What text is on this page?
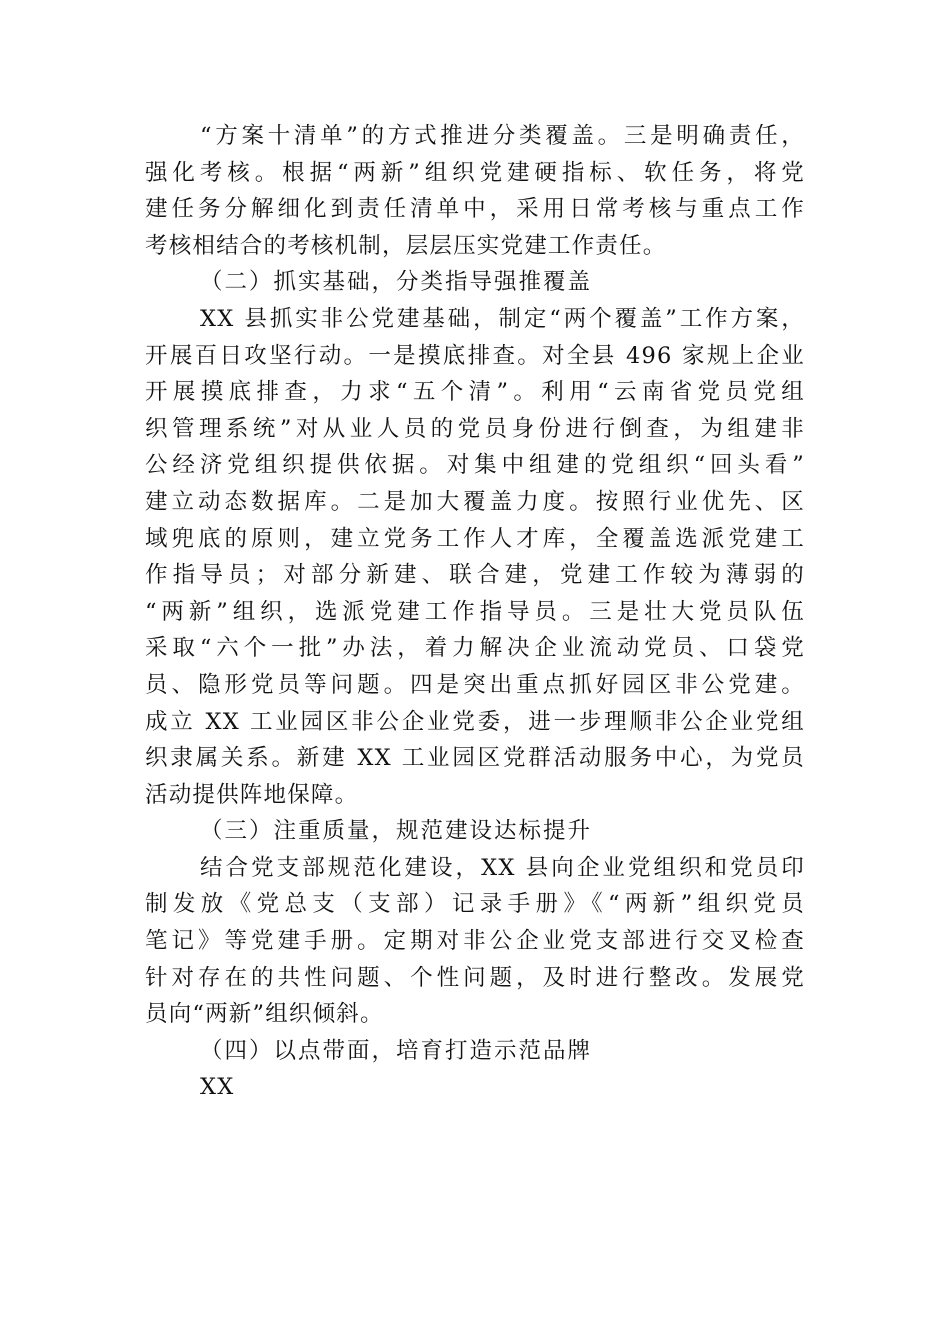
“方案十清单”的方式推进分类覆盖。三是明确责任，
强化考核。根据“两新”组织党建硬指标、软任务，将党
建任务分解细化到责任清单中，采用日常考核与重点工作
考核相结合的考核机制，层层压实党建工作责任。
（二）抓实基础，分类指导强推覆盖
XX 县抓实非公党建基础，制定“两个覆盖”工作方案，
开展百日攻坚行动。一是摸底排查。对全县 496 家规上企业
开展摸底排查，力求“五个清”。利用“云南省党员党组
织管理系统”对从业人员的党员身份进行倒查，为组建非
公经济党组织提供依据。对集中组建的党组织“回头看”
建立动态数据库。二是加大覆盖力度。按照行业优先、区
域兜底的原则，建立党务工作人才库，全覆盖选派党建工
作指导员；对部分新建、联合建，党建工作较为薄弱的
“两新”组织，选派党建工作指导员。三是壮大党员队伍
采取“六个一批”办法，着力解决企业流动党员、口袋党
员、隐形党员等问题。四是突出重点抓好园区非公党建。
成立 XX 工业园区非公企业党委，进一步理顺非公企业党组
织隶属关系。新建 XX 工业园区党群活动服务中心，为党员
活动提供阵地保障。
（三）注重质量，规范建设达标提升
结合党支部规范化建设，XX 县向企业党组织和党员印
制发放《党总支（支部）记录手册》《“两新”组织党员
笔记》等党建手册。定期对非公企业党支部进行交叉检查
针对存在的共性问题、个性问题，及时进行整改。发展党
员向“两新”组织倾斜。
（四）以点带面，培育打造示范品牌
XX
